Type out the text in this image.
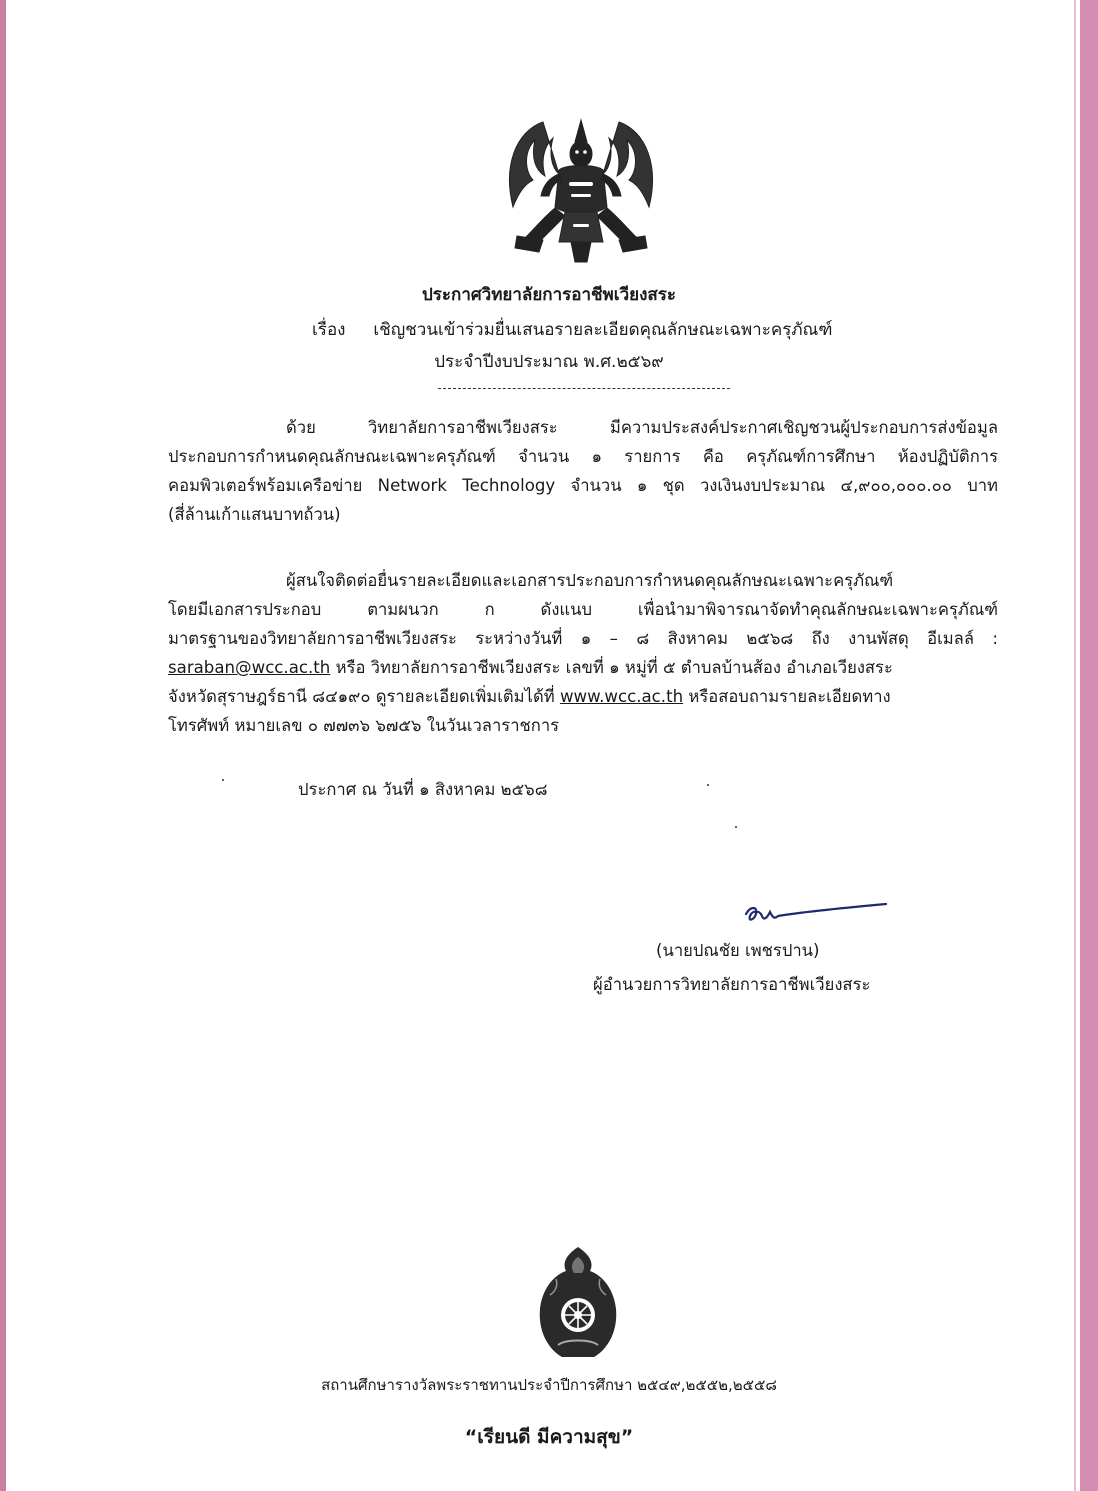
ประกาศวิทยาลัยการอาชีพเวียงสระ
เรื่อง เชิญชวนเข้าร่วมยื่นเสนอรายละเอียดคุณลักษณะเฉพาะครุภัณฑ์
ประจำปีงบประมาณ พ.ศ.๒๕๖๙
ด้วย วิทยาลัยการอาชีพเวียงสระ มีความประสงค์ประกาศเชิญชวนผู้ประกอบการส่งข้อมูล
ประกอบการกำหนดคุณลักษณะเฉพาะครุภัณฑ์ จำนวน ๑ รายการ คือ ครุภัณฑ์การศึกษา ห้องปฏิบัติการ
คอมพิวเตอร์พร้อมเครือข่าย Network Technology จำนวน ๑ ชุด วงเงินงบประมาณ ๔,๙๐๐,๐๐๐.๐๐ บาท
(สี่ล้านเก้าแสนบาทถ้วน)
ผู้สนใจติดต่อยื่นรายละเอียดและเอกสารประกอบการกำหนดคุณลักษณะเฉพาะครุภัณฑ์
โดยมีเอกสารประกอบ ตามผนวก ก ดังแนบ เพื่อนำมาพิจารณาจัดทำคุณลักษณะเฉพาะครุภัณฑ์
มาตรฐานของวิทยาลัยการอาชีพเวียงสระ ระหว่างวันที่ ๑ – ๘ สิงหาคม ๒๕๖๘ ถึง งานพัสดุ อีเมลล์ :
saraban@wcc.ac.th หรือ วิทยาลัยการอาชีพเวียงสระ เลขที่ ๑ หมู่ที่ ๕ ตำบลบ้านส้อง อำเภอเวียงสระ
จังหวัดสุราษฎร์ธานี ๘๔๑๙๐ ดูรายละเอียดเพิ่มเติมได้ที่ www.wcc.ac.th หรือสอบถามรายละเอียดทาง
โทรศัพท์ หมายเลข ๐ ๗๗๓๖ ๖๗๕๖ ในวันเวลาราชการ
ประกาศ ณ วันที่ ๑ สิงหาคม ๒๕๖๘
(นายปณชัย เพชรปาน)
ผู้อำนวยการวิทยาลัยการอาชีพเวียงสระ
สถานศึกษารางวัลพระราชทานประจำปีการศึกษา ๒๕๔๙,๒๕๕๒,๒๕๕๘
“เรียนดี มีความสุข”
